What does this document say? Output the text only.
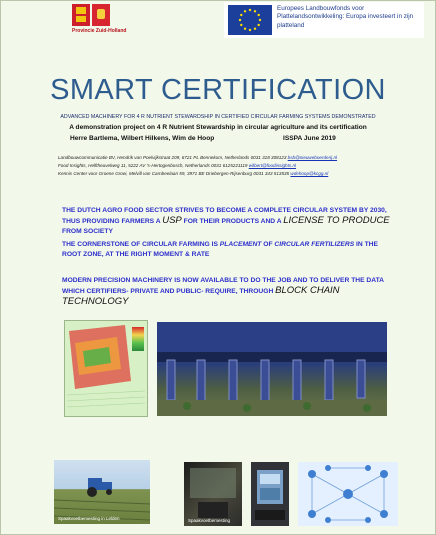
Provincie Zuid-Holland
Europees Landbouwfonds voor Plattelandsontwikkeling: Europa investeert in zijn platteland
SMART CERTIFICATION
ADVANCED MACHINERY FOR 4 R NUTRIENT STEWARDSHIP IN CERTIFIED CIRCULAR FARMING SYSTEMS DEMONSTRATED
A demonstration project on 4 R Nutrient Stewardship in circular agriculture and its certification
Herre Bartlema, Wilbert Hilkens, Wim de Hoop	ISSPA June 2019
Landbouwcommunicatie BV, Hendrik van Poelvijkstraat 209, 6721 PL Bennekom, Netherlands 0031 318 308123 bsb@nieuweboerderij.nl
Food Insights, Helftheuvelweg 11, 5222 AV 's-Hertogenbosch, Netherlands 0031 6125221119 wilbert@foodinsights.nl
Kennis Center voor Groene Groei, Melvill van Carnbeelaan 59, 3971 BE Driebergen-Rijsenburg 0031 343 513535 wdehoop@kcgg.nl
THE DUTCH AGRO FOOD SECTOR STRIVES TO BECOME A COMPLETE CIRCULAR SYSTEM BY 2030, THUS PROVIDING FARMERS A USP FOR THEIR PRODUCTS AND A LICENSE TO PRODUCE FROM SOCIETY
THE CORNERSTONE OF CIRCULAR FARMING IS PLACEMENT OF CIRCULAR FERTILIZERS IN THE ROOT ZONE, AT THE RIGHT MOMENT & RATE
MODERN PRECISION MACHINERY IS NOW AVAILABLE TO DO THE JOB AND TO DELIVER THE DATA WHICH CERTIFIERS- PRIVATE AND PUBLIC- REQUIRE, THROUGH BLOCK CHAIN TECHNOLOGY
Spaakvoetbemesting in Lelden	Spaakvoetbemesting
